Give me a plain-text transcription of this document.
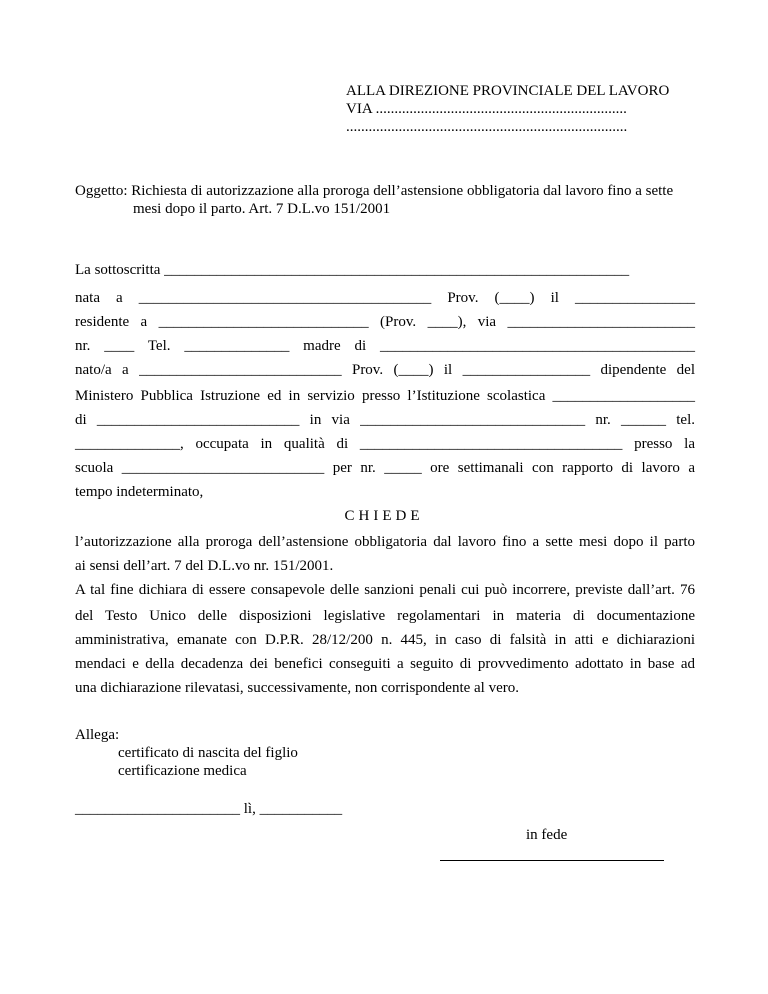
ALLA DIREZIONE PROVINCIALE DEL LAVORO
VIA ...................................................................
...........................................................................
Oggetto: Richiesta di autorizzazione alla proroga dell’astensione obbligatoria dal lavoro fino a sette
mesi dopo il parto. Art. 7 D.L.vo 151/2001
La sottoscritta ______________________________________________________________
nata a _______________________________________ Prov. (____) il ________________
residente a ____________________________ (Prov. ____), via _________________________
nr. ____ Tel. ______________ madre di __________________________________________
nato/a a ___________________________ Prov. (____) il _________________ dipendente del
Ministero Pubblica Istruzione ed in servizio presso l’Istituzione scolastica ___________________
di ___________________________ in via ______________________________ nr. ______ tel.
______________, occupata in qualità di ___________________________________ presso la
scuola ___________________________ per nr. _____ ore settimanali con rapporto di lavoro a
tempo indeterminato,
CHIEDE
l’autorizzazione alla proroga dell’astensione obbligatoria dal lavoro fino a sette mesi dopo il parto
ai sensi dell’art. 7 del D.L.vo nr. 151/2001.
A tal fine dichiara di essere consapevole delle sanzioni penali cui può incorrere, previste dall’art. 76
del Testo Unico delle disposizioni legislative regolamentari in materia di documentazione
amministrativa, emanate con D.P.R. 28/12/200 n. 445, in caso di falsità in atti e dichiarazioni
mendaci e della decadenza dei benefici conseguiti a seguito di provvedimento adottato in base ad
una dichiarazione rilevatasi, successivamente, non corrispondente al vero.
Allega:
certificato di nascita del figlio
certificazione medica
______________________ lì, ___________
in fede
